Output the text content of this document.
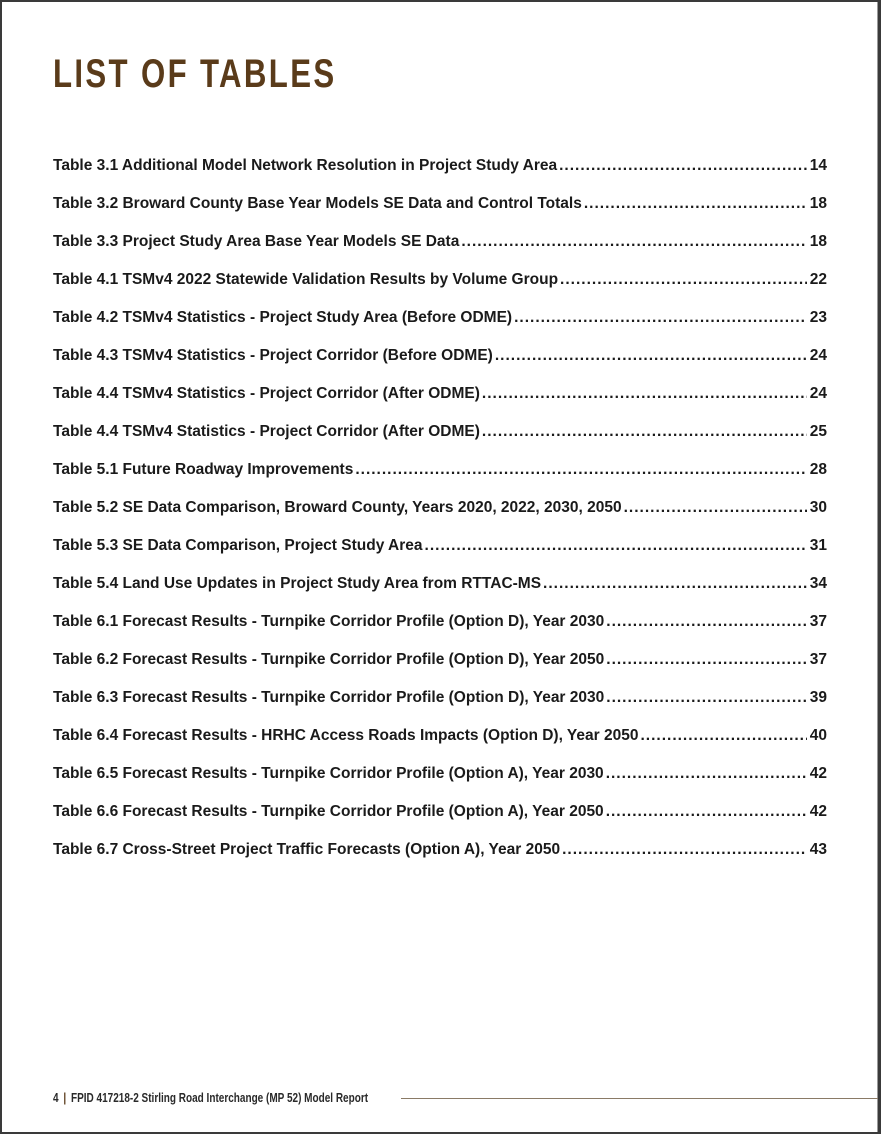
LIST OF TABLES
Table 3.1 Additional Model Network Resolution in Project Study Area .....	14
Table 3.2 Broward County Base Year Models SE Data and Control Totals .....	18
Table 3.3 Project Study Area Base Year Models SE Data .....	18
Table 4.1 TSMv4 2022 Statewide Validation Results by Volume Group .....	22
Table 4.2 TSMv4 Statistics - Project Study Area (Before ODME) .....	23
Table 4.3 TSMv4 Statistics - Project Corridor (Before ODME) .....	24
Table 4.4 TSMv4 Statistics - Project Corridor (After ODME) .....	24
Table 4.4 TSMv4 Statistics - Project Corridor (After ODME) .....	25
Table 5.1 Future Roadway Improvements .....	28
Table 5.2 SE Data Comparison, Broward County, Years 2020, 2022, 2030, 2050 .....	30
Table 5.3 SE Data Comparison, Project Study Area .....	31
Table 5.4 Land Use Updates in Project Study Area from RTTAC-MS .....	34
Table 6.1 Forecast Results - Turnpike Corridor Profile (Option D), Year 2030 .....	37
Table 6.2 Forecast Results - Turnpike Corridor Profile (Option D), Year 2050 .....	37
Table 6.3 Forecast Results - Turnpike Corridor Profile (Option D), Year 2030 .....	39
Table 6.4 Forecast Results - HRHC Access Roads Impacts (Option D), Year 2050 .....	40
Table 6.5 Forecast Results - Turnpike Corridor Profile (Option A), Year 2030 .....	42
Table 6.6 Forecast Results - Turnpike Corridor Profile (Option A), Year 2050 .....	42
Table 6.7 Cross-Street Project Traffic Forecasts (Option A), Year 2050 .....	43
4 | FPID 417218-2 Stirling Road Interchange (MP 52) Model Report
